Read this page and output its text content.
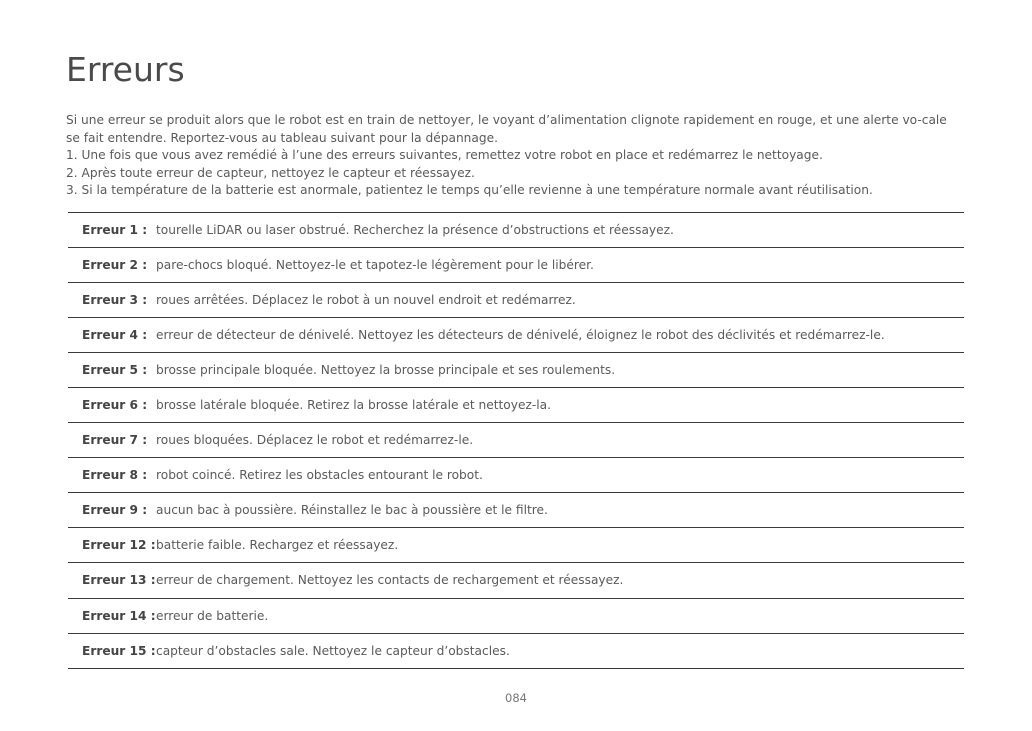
Erreurs

Si une erreur se produit alors que le robot est en train de nettoyer, le voyant d’alimentation clignote rapidement en rouge, et une alerte vo-cale se fait entendre. Reportez-vous au tableau suivant pour la dépannage.

1. Une fois que vous avez remédié à l’une des erreurs suivantes, remettez votre robot en place et redémarrez le nettoyage.

2. Après toute erreur de capteur, nettoyez le capteur et réessayez.

3. Si la température de la batterie est anormale, patientez le temps qu’elle revienne à une température normale avant réutilisation.

Erreur 1 : tourelle LiDAR ou laser obstrué. Recherchez la présence d’obstructions et réessayez.
Erreur 2 : pare-chocs bloqué. Nettoyez-le et tapotez-le légèrement pour le libérer.
Erreur 3 : roues arrêtées. Déplacez le robot à un nouvel endroit et redémarrez.
Erreur 4 : erreur de détecteur de dénivelé. Nettoyez les détecteurs de dénivelé, éloignez le robot des déclivités et redémarrez-le.
Erreur 5 : brosse principale bloquée. Nettoyez la brosse principale et ses roulements.
Erreur 6 : brosse latérale bloquée. Retirez la brosse latérale et nettoyez-la.
Erreur 7 : roues bloquées. Déplacez le robot et redémarrez-le.
Erreur 8 : robot coincé. Retirez les obstacles entourant le robot.
Erreur 9 : aucun bac à poussière. Réinstallez le bac à poussière et le filtre.
Erreur 12 : batterie faible. Rechargez et réessayez.
Erreur 13 : erreur de chargement. Nettoyez les contacts de rechargement et réessayez.
Erreur 14 : erreur de batterie.
Erreur 15 : capteur d’obstacles sale. Nettoyez le capteur d’obstacles.
084
